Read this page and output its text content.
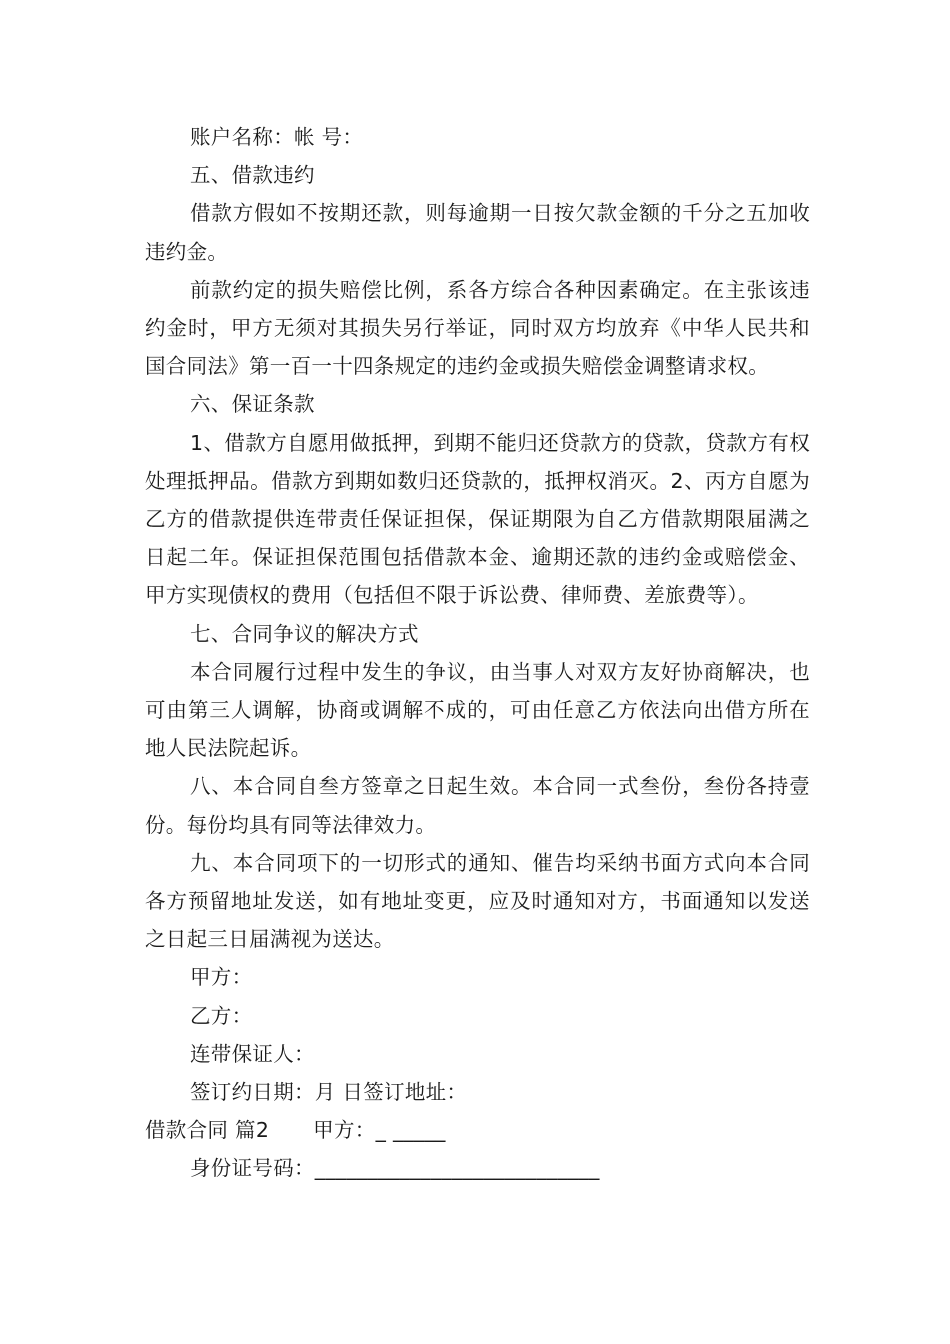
账户名称：帐 号：

五、借款违约

借款方假如不按期还款，则每逾期一日按欠款金额的千分之五加收违约金。

前款约定的损失赔偿比例，系各方综合各种因素确定。在主张该违约金时，甲方无须对其损失另行举证，同时双方均放弃《中华人民共和国合同法》第一百一十四条规定的违约金或损失赔偿金调整请求权。

六、保证条款

1、借款方自愿用做抵押，到期不能归还贷款方的贷款，贷款方有权处理抵押品。借款方到期如数归还贷款的，抵押权消灭。2、丙方自愿为乙方的借款提供连带责任保证担保，保证期限为自乙方借款期限届满之日起二年。保证担保范围包括借款本金、逾期还款的违约金或赔偿金、甲方实现债权的费用（包括但不限于诉讼费、律师费、差旅费等）。

七、合同争议的解决方式

本合同履行过程中发生的争议，由当事人对双方友好协商解决，也可由第三人调解，协商或调解不成的，可由任意乙方依法向出借方所在地人民法院起诉。

八、本合同自叁方签章之日起生效。本合同一式叁份，叁份各持壹份。每份均具有同等法律效力。

九、本合同项下的一切形式的通知、催告均采纳书面方式向本合同各方预留地址发送，如有地址变更，应及时通知对方，书面通知以发送之日起三日届满视为送达。

甲方：

乙方：

连带保证人：

签订约日期：月 日签订地址：

借款合同 篇2 甲方：_ _____

身份证号码：___________________________
